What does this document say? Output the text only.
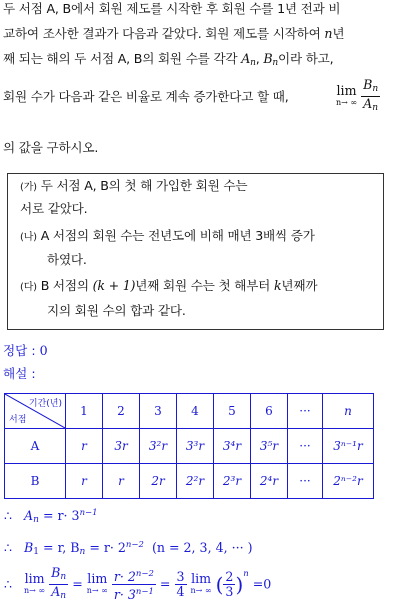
두 서점 A, B에서 회원 제도를 시작한 후 회원 수를 1년 전과 비
교하여 조사한 결과가 다음과 같았다. 회원 제도를 시작하여 n년
째 되는 해의 두 서점 A, B의 회원 수를 각각 $A_n$, $B_n$이라 하고,
회원 수가 다음과 같은 비율로 계속 증가한다고 할 때,	lim
n→ ∞
$\frac{B_n}{A_n}$
의 값을 구하시오.
(가) 두 서점 A, B의 첫 해 가입한 회원 수는
서로 같았다.
(나) A 서점의 회원 수는 전년도에 비해 매년 3배씩 증가
하였다.
(다) B 서점의 (k + 1)년째 회원 수는 첫 해부터 k년째까
지의 회원 수의 합과 같다.
정답 : 0
해설 :
기간(년)
서점	1	2	3	4	5	6	···	n
A	r	3r	3²r	3³r	3⁴r	3⁵r	···	3ⁿ⁻¹r
B	r	r	2r	2²r	2³r	2⁴r	···	2ⁿ⁻²r
∴ $A_n = r\cdot 3^{n-1}$
∴ $B_1 = r$, $B_n = r\cdot 2^{n-2}$ (n = 2, 3, 4, ··· )
∴ lim
n→ ∞
$\frac{B_n}{A_n} = \lim$
n→ ∞
$\frac{r\cdot 2^{n-2}}{r\cdot 3^{n-1}} = \frac{3}{4}$ lim
n→ ∞ ( $\frac{2}{3} )^n =0$
